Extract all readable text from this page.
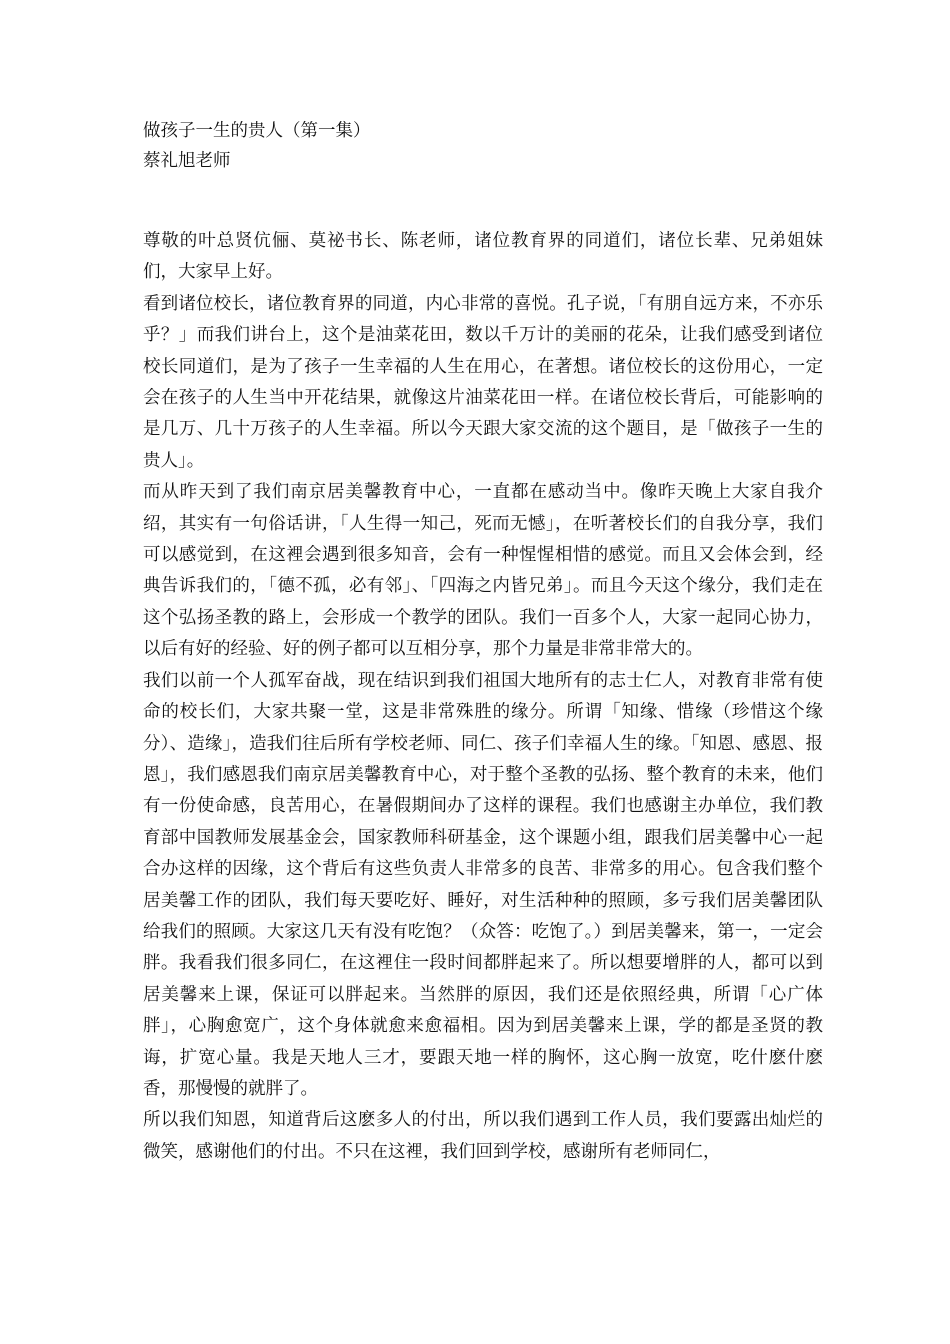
做孩子一生的贵人（第一集）
蔡礼旭老师

尊敬的叶总贤伉俪、莫祕书长、陈老师，诸位教育界的同道们，诸位长辈、兄弟姐妹们，大家早上好。

看到诸位校长，诸位教育界的同道，内心非常的喜悦。孔子说，「有朋自远方来，不亦乐乎？」而我们讲台上，这个是油菜花田，数以千万计的美丽的花朵，让我们感受到诸位校长同道们，是为了孩子一生幸福的人生在用心，在著想。诸位校长的这份用心，一定会在孩子的人生当中开花结果，就像这片油菜花田一样。在诸位校长背后，可能影响的是几万、几十万孩子的人生幸福。所以今天跟大家交流的这个题目，是「做孩子一生的贵人」。

而从昨天到了我们南京居美馨教育中心，一直都在感动当中。像昨天晚上大家自我介绍，其实有一句俗话讲，「人生得一知己，死而无憾」，在听著校长们的自我分享，我们可以感觉到，在这裡会遇到很多知音，会有一种惺惺相惜的感觉。而且又会体会到，经典告诉我们的，「德不孤，必有邻」、「四海之内皆兄弟」。而且今天这个缘分，我们走在这个弘扬圣教的路上，会形成一个教学的团队。我们一百多个人，大家一起同心协力，以后有好的经验、好的例子都可以互相分享，那个力量是非常非常大的。

我们以前一个人孤军奋战，现在结识到我们祖国大地所有的志士仁人，对教育非常有使命的校长们，大家共聚一堂，这是非常殊胜的缘分。所谓「知缘、惜缘（珍惜这个缘分）、造缘」，造我们往后所有学校老师、同仁、孩子们幸福人生的缘。「知恩、感恩、报恩」，我们感恩我们南京居美馨教育中心，对于整个圣教的弘扬、整个教育的未来，他们有一份使命感，良苦用心，在暑假期间办了这样的课程。我们也感谢主办单位，我们教育部中国教师发展基金会，国家教师科研基金，这个课题小组，跟我们居美馨中心一起合办这样的因缘，这个背后有这些负责人非常多的良苦、非常多的用心。包含我们整个居美馨工作的团队，我们每天要吃好、睡好，对生活种种的照顾，多亏我们居美馨团队给我们的照顾。大家这几天有没有吃饱？（众答：吃饱了。）到居美馨来，第一，一定会胖。我看我们很多同仁，在这裡住一段时间都胖起来了。所以想要增胖的人，都可以到居美馨来上课，保证可以胖起来。当然胖的原因，我们还是依照经典，所谓「心广体胖」，心胸愈宽广，这个身体就愈来愈福相。因为到居美馨来上课，学的都是圣贤的教诲，扩宽心量。我是天地人三才，要跟天地一样的胸怀，这心胸一放宽，吃什麽什麽香，那慢慢的就胖了。

所以我们知恩，知道背后这麽多人的付出，所以我们遇到工作人员，我们要露出灿烂的微笑，感谢他们的付出。不只在这裡，我们回到学校，感谢所有老师同仁，
